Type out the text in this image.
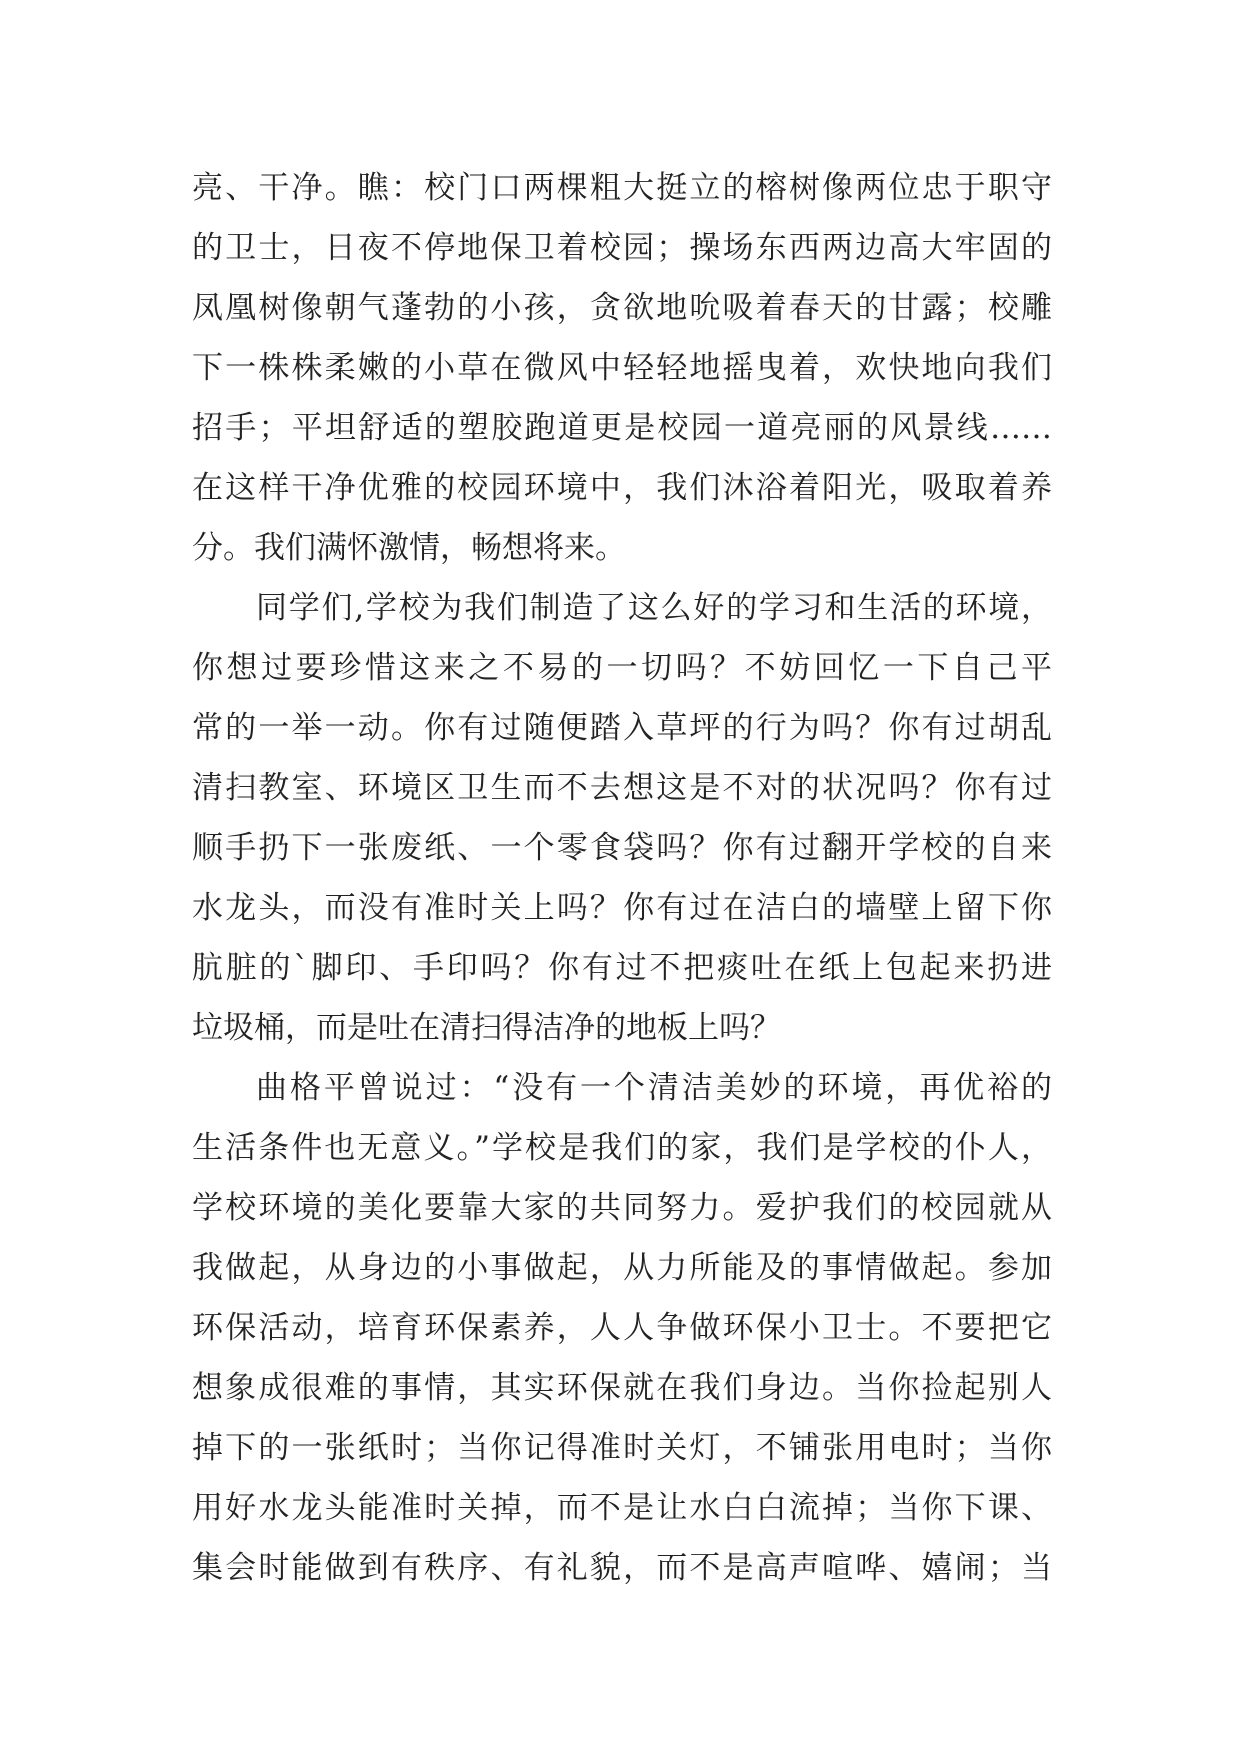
亮、干净。瞧：校门口两棵粗大挺立的榕树像两位忠于职守
的卫士，日夜不停地保卫着校园；操场东西两边高大牢固的
凤凰树像朝气蓬勃的小孩，贪欲地吮吸着春天的甘露；校雕
下一株株柔嫩的小草在微风中轻轻地摇曳着，欢快地向我们
招手；平坦舒适的塑胶跑道更是校园一道亮丽的风景线……
在这样干净优雅的校园环境中，我们沐浴着阳光，吸取着养
分。我们满怀激情，畅想将来。
同学们,学校为我们制造了这么好的学习和生活的环境，
你想过要珍惜这来之不易的一切吗？不妨回忆一下自己平
常的一举一动。你有过随便踏入草坪的行为吗？你有过胡乱
清扫教室、环境区卫生而不去想这是不对的状况吗？你有过
顺手扔下一张废纸、一个零食袋吗？你有过翻开学校的自来
水龙头，而没有准时关上吗？你有过在洁白的墙壁上留下你
肮脏的`脚印、手印吗？你有过不把痰吐在纸上包起来扔进
垃圾桶，而是吐在清扫得洁净的地板上吗？
曲格平曾说过：“没有一个清洁美妙的环境，再优裕的
生活条件也无意义。”学校是我们的家，我们是学校的仆人，
学校环境的美化要靠大家的共同努力。爱护我们的校园就从
我做起，从身边的小事做起，从力所能及的事情做起。参加
环保活动，培育环保素养，人人争做环保小卫士。不要把它
想象成很难的事情，其实环保就在我们身边。当你捡起别人
掉下的一张纸时；当你记得准时关灯，不铺张用电时；当你
用好水龙头能准时关掉，而不是让水白白流掉；当你下课、
集会时能做到有秩序、有礼貌，而不是高声喧哗、嬉闹；当
